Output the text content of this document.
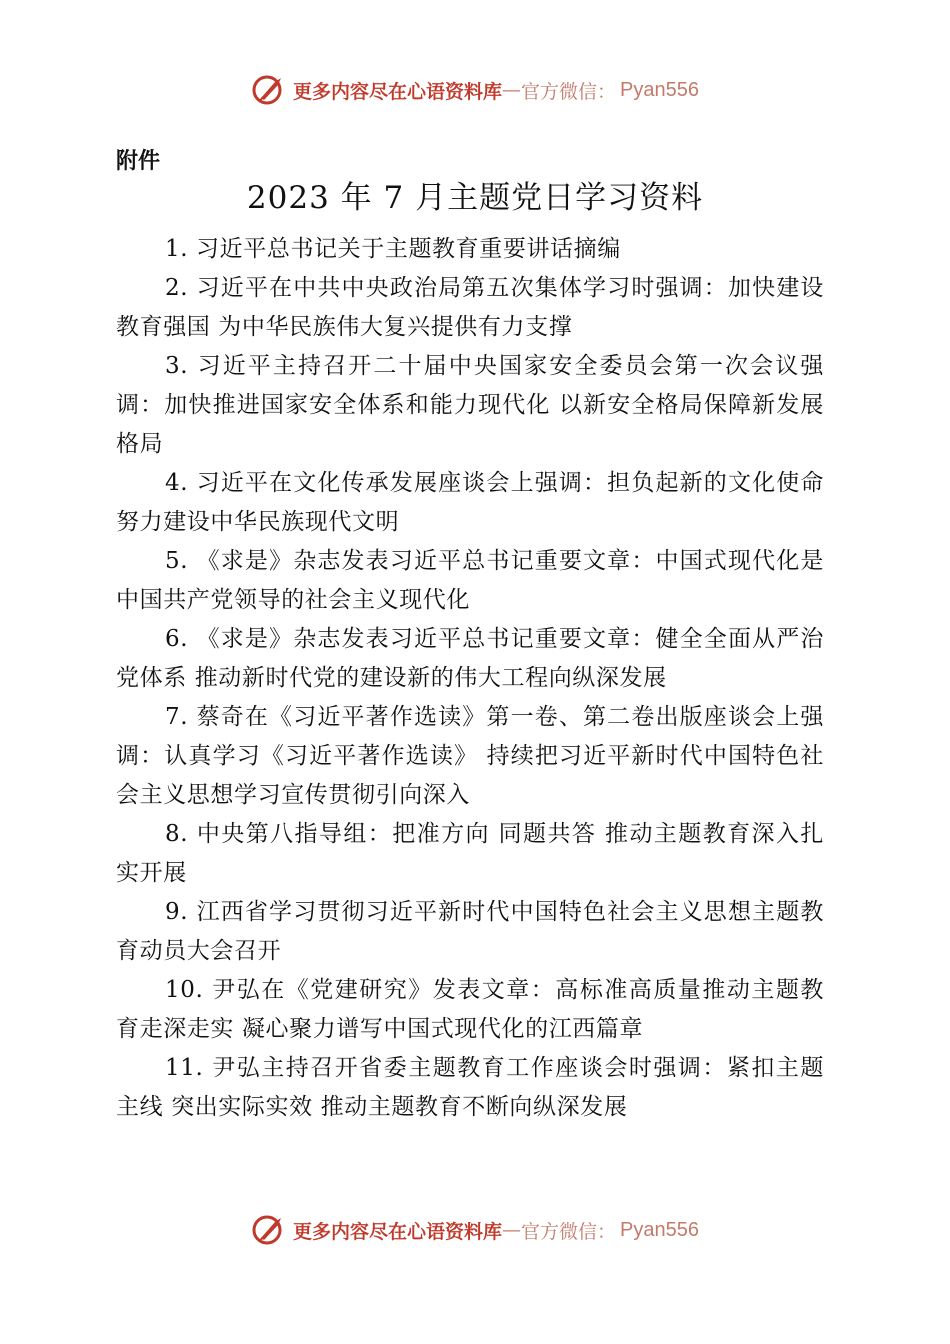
更多内容尽在心语资料库 — 官方微信： Pyan556
附件
2023 年 7 月主题党日学习资料
1. 习近平总书记关于主题教育重要讲话摘编
2. 习近平在中共中央政治局第五次集体学习时强调：加快建设教育强国 为中华民族伟大复兴提供有力支撑
3. 习近平主持召开二十届中央国家安全委员会第一次会议强调：加快推进国家安全体系和能力现代化 以新安全格局保障新发展格局
4. 习近平在文化传承发展座谈会上强调：担负起新的文化使命 努力建设中华民族现代文明
5. 《求是》杂志发表习近平总书记重要文章：中国式现代化是中国共产党领导的社会主义现代化
6. 《求是》杂志发表习近平总书记重要文章：健全全面从严治党体系 推动新时代党的建设新的伟大工程向纵深发展
7. 蔡奇在《习近平著作选读》第一卷、第二卷出版座谈会上强调：认真学习《习近平著作选读》 持续把习近平新时代中国特色社会主义思想学习宣传贯彻引向深入
8. 中央第八指导组：把准方向 同题共答 推动主题教育深入扎实开展
9. 江西省学习贯彻习近平新时代中国特色社会主义思想主题教育动员大会召开
10. 尹弘在《党建研究》发表文章：高标准高质量推动主题教育走深走实 凝心聚力谱写中国式现代化的江西篇章
11. 尹弘主持召开省委主题教育工作座谈会时强调：紧扣主题主线 突出实际实效 推动主题教育不断向纵深发展
更多内容尽在心语资料库 — 官方微信： Pyan556
